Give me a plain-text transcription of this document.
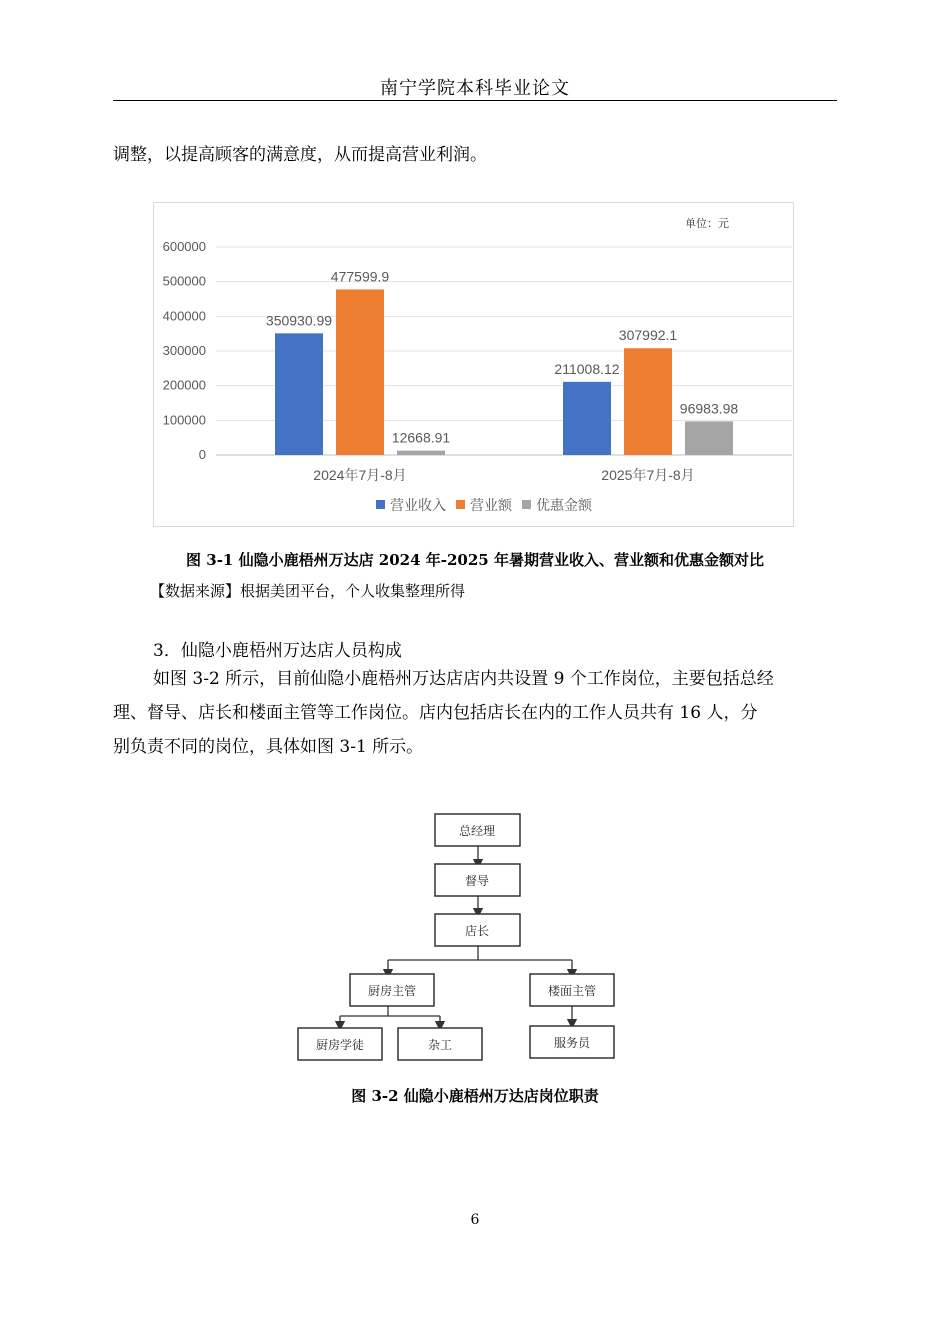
南宁学院本科毕业论文
调整，以提高顾客的满意度，从而提高营业利润。
单位：元
0
100000
200000
300000
400000
500000
600000
350930.99
477599.9
12668.91
2024年7月-8月
211008.12
307992.1
96983.98
2025年7月-8月
营业收入 营业额 优惠金额
图 3-1 仙隐小鹿梧州万达店 2024 年-2025 年暑期营业收入、营业额和优惠金额对比
【数据来源】根据美团平台，个人收集整理所得
3．仙隐小鹿梧州万达店人员构成
如图 3-2 所示，目前仙隐小鹿梧州万达店店内共设置 9 个工作岗位，主要包括总经
理、督导、店长和楼面主管等工作岗位。店内包括店长在内的工作人员共有 16 人，分
别负责不同的岗位，具体如图 3-1 所示。
总经理
督导
店长
厨房主管	楼面主管
厨房学徒	杂工	服务员
图 3-2 仙隐小鹿梧州万达店岗位职责
6
